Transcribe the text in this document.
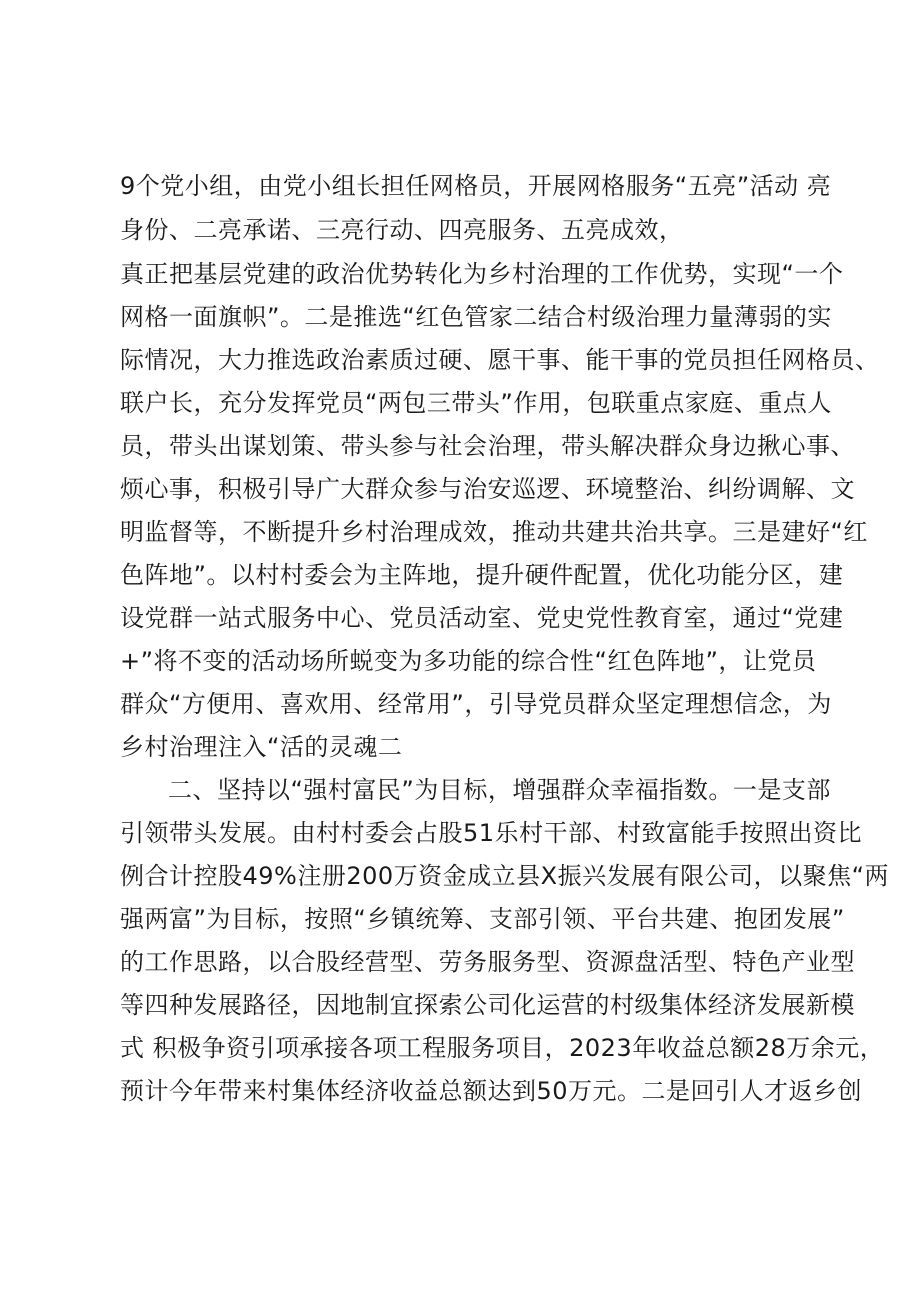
9个党小组，由党小组长担任网格员，开展网格服务“五亮”活动 亮
身份、二亮承诺、三亮行动、四亮服务、五亮成效，
真正把基层党建的政治优势转化为乡村治理的工作优势，实现“一个
网格一面旗帜”。二是推选“红色管家二结合村级治理力量薄弱的实
际情况，大力推选政治素质过硬、愿干事、能干事的党员担任网格员、
联户长，充分发挥党员“两包三带头”作用，包联重点家庭、重点人
员，带头出谋划策、带头参与社会治理，带头解决群众身边揪心事、
烦心事，积极引导广大群众参与治安巡逻、环境整治、纠纷调解、文
明监督等，不断提升乡村治理成效，推动共建共治共享。三是建好“红
色阵地”。以村村委会为主阵地，提升硬件配置，优化功能分区，建
设党群一站式服务中心、党员活动室、党史党性教育室，通过“党建
+”将不变的活动场所蜕变为多功能的综合性“红色阵地”，让党员
群众“方便用、喜欢用、经常用”，引导党员群众坚定理想信念，为
乡村治理注入“活的灵魂二
二、坚持以“强村富民”为目标，增强群众幸福指数。一是支部
引领带头发展。由村村委会占股51乐村干部、村致富能手按照出资比
例合计控股49%注册200万资金成立县X振兴发展有限公司，以聚焦“两
强两富”为目标，按照“乡镇统筹、支部引领、平台共建、抱团发展”
的工作思路，以合股经营型、劳务服务型、资源盘活型、特色产业型
等四种发展路径，因地制宜探索公司化运营的村级集体经济发展新模
式 积极争资引项承接各项工程服务项目，2023年收益总额28万余元，
预计今年带来村集体经济收益总额达到50万元。二是回引人才返乡创
